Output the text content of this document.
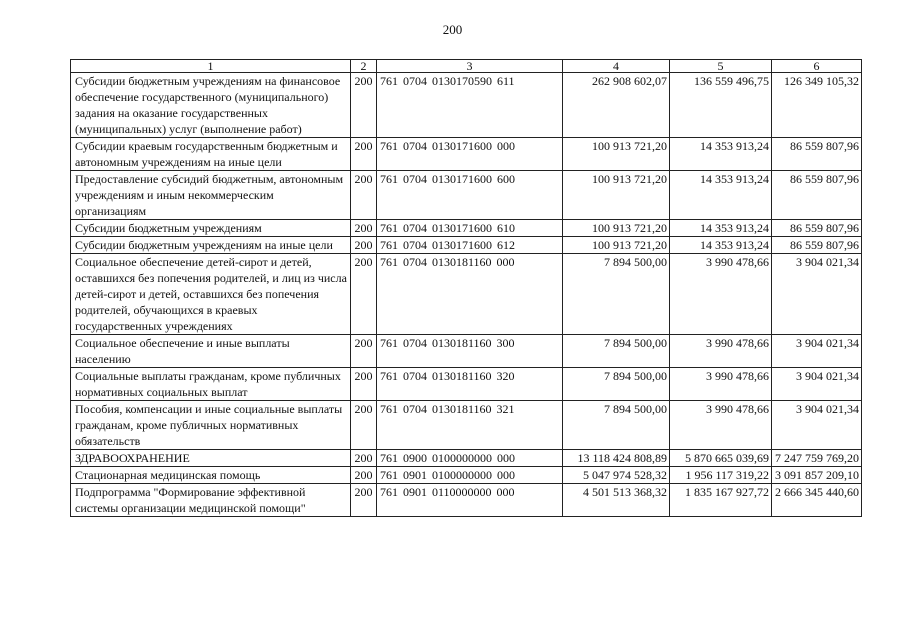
200
1	2	3	4	5	6
Субсидии бюджетным учреждениям на финансовое обеспечение государственного (муниципального) задания на оказание государственных (муниципальных) услуг (выполнение работ)	200	761 0704 0130170590 611	262 908 602,07	136 559 496,75	126 349 105,32
Субсидии краевым государственным бюджетным и автономным учреждениям на иные цели	200	761 0704 0130171600 000	100 913 721,20	14 353 913,24	86 559 807,96
Предоставление субсидий бюджетным, автономным учреждениям и иным некоммерческим организациям	200	761 0704 0130171600 600	100 913 721,20	14 353 913,24	86 559 807,96
Субсидии бюджетным учреждениям	200	761 0704 0130171600 610	100 913 721,20	14 353 913,24	86 559 807,96
Субсидии бюджетным учреждениям на иные цели	200	761 0704 0130171600 612	100 913 721,20	14 353 913,24	86 559 807,96
Социальное обеспечение детей-сирот и детей, оставшихся без попечения родителей, и лиц из числа детей-сирот и детей, оставшихся без попечения родителей, обучающихся в краевых государственных учреждениях	200	761 0704 0130181160 000	7 894 500,00	3 990 478,66	3 904 021,34
Социальное обеспечение и иные выплаты населению	200	761 0704 0130181160 300	7 894 500,00	3 990 478,66	3 904 021,34
Социальные выплаты гражданам, кроме публичных нормативных социальных выплат	200	761 0704 0130181160 320	7 894 500,00	3 990 478,66	3 904 021,34
Пособия, компенсации и иные социальные выплаты гражданам, кроме публичных нормативных обязательств	200	761 0704 0130181160 321	7 894 500,00	3 990 478,66	3 904 021,34
ЗДРАВООХРАНЕНИЕ	200	761 0900 0100000000 000	13 118 424 808,89	5 870 665 039,69	7 247 759 769,20
Стационарная медицинская помощь	200	761 0901 0100000000 000	5 047 974 528,32	1 956 117 319,22	3 091 857 209,10
Подпрограмма "Формирование эффективной системы организации медицинской помощи"	200	761 0901 0110000000 000	4 501 513 368,32	1 835 167 927,72	2 666 345 440,60
